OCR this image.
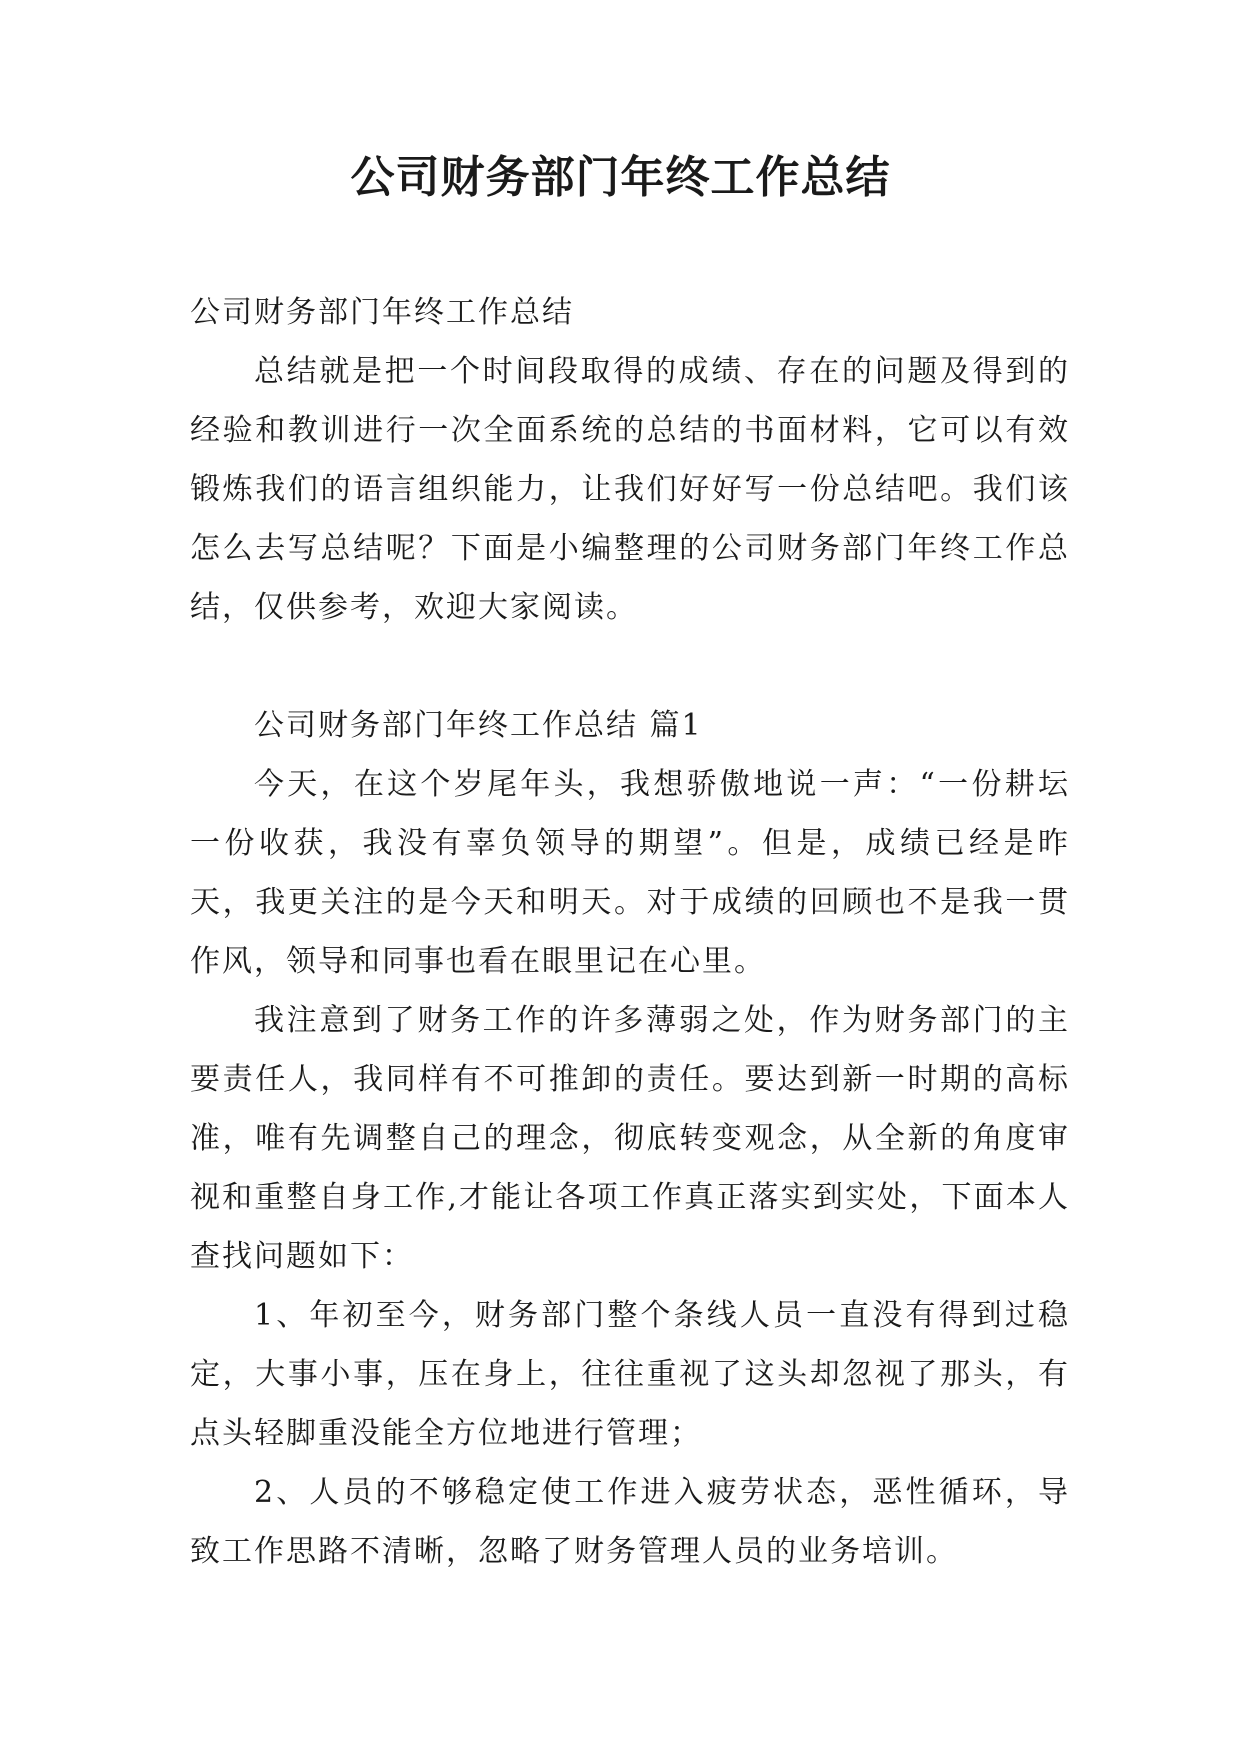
公司财务部门年终工作总结

公司财务部门年终工作总结

总结就是把一个时间段取得的成绩、存在的问题及得到的经验和教训进行一次全面系统的总结的书面材料，它可以有效锻炼我们的语言组织能力，让我们好好写一份总结吧。我们该怎么去写总结呢？下面是小编整理的公司财务部门年终工作总结，仅供参考，欢迎大家阅读。

公司财务部门年终工作总结 篇1

今天，在这个岁尾年头，我想骄傲地说一声：“一份耕坛一份收获，我没有辜负领导的期望”。但是，成绩已经是昨天，我更关注的是今天和明天。对于成绩的回顾也不是我一贯作风，领导和同事也看在眼里记在心里。

我注意到了财务工作的许多薄弱之处，作为财务部门的主要责任人，我同样有不可推卸的责任。要达到新一时期的高标准，唯有先调整自己的理念，彻底转变观念，从全新的角度审视和重整自身工作,才能让各项工作真正落实到实处，下面本人查找问题如下：

1、年初至今，财务部门整个条线人员一直没有得到过稳定，大事小事，压在身上，往往重视了这头却忽视了那头，有点头轻脚重没能全方位地进行管理；

2、人员的不够稳定使工作进入疲劳状态，恶性循环，导致工作思路不清晰，忽略了财务管理人员的业务培训。
